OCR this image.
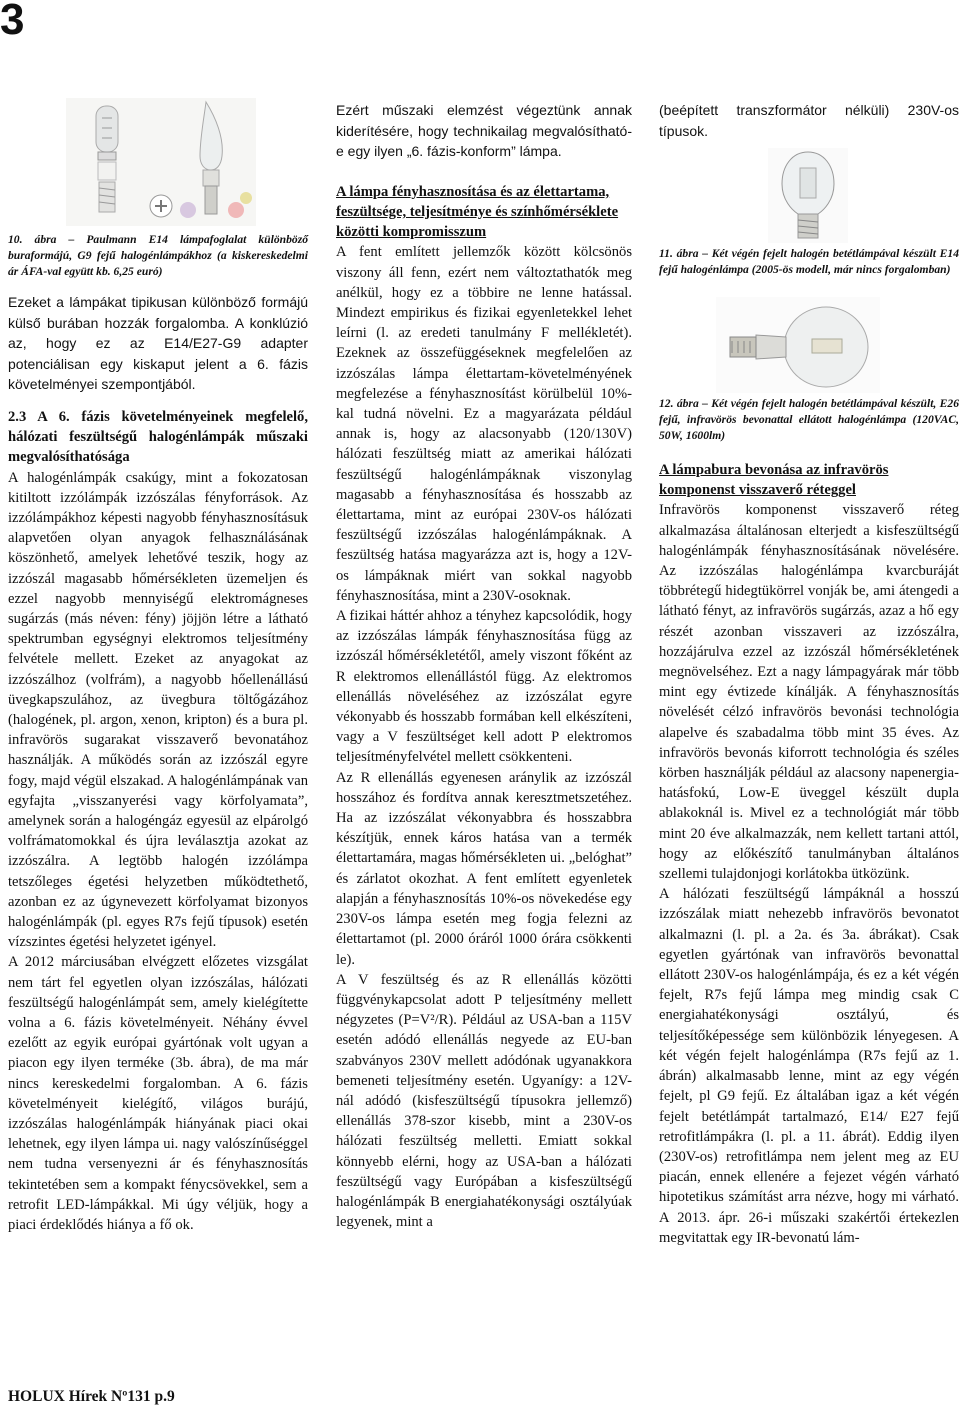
3

10. ábra – Paulmann E14 lámpafoglalat különböző buraformájú, G9 fejű halogénlámpákhoz (a kiskereskedelmi ár ÁFA-val együtt kb. 6,25 euró)

Ezeket a lámpákat tipikusan különböző formájú külső burában hozzák forgalomba. A konklúzió az, hogy ez az E14/E27-G9 adapter potenciálisan egy kiskaput jelent a 6. fázis követelményei szempontjából.

2.3 A 6. fázis követelményeinek megfelelő, hálózati feszültségű halogénlámpák műszaki megvalósíthatósága

A halogénlámpák csakúgy, mint a fokozatosan kitiltott izzólámpák izzószálas fényforrások. Az izzólámpákhoz képesti nagyobb fényhasznosításuk alapvetően olyan anyagok felhasználásának köszönhető, amelyek lehetővé teszik, hogy az izzószál magasabb hőmérsékleten üzemeljen és ezzel nagyobb mennyiségű elektromágneses sugárzás (más néven: fény) jöjjön létre a látható spektrumban egységnyi elektromos teljesítmény felvétele mellett. Ezeket az anyagokat az izzószálhoz (volfrám), a nagyobb hőellenállású üvegkapszulához, az üvegbura töltőgázához (halogének, pl. argon, xenon, kripton) és a bura pl. infravörös sugarakat visszaverő bevonatához használják. A működés során az izzószál egyre fogy, majd végül elszakad. A halogénlámpának van egyfajta „visszanyerési vagy körfolyamata”, amelynek során a halogéngáz egyesül az elpárolgó volfrámatomokkal és újra leválasztja azokat az izzószálra. A legtöbb halogén izzólámpa tetszőleges égetési helyzetben működtethető, azonban ez az úgynevezett körfolyamat bizonyos halogénlámpák (pl. egyes R7s fejű típusok) esetén vízszintes égetési helyzetet igényel.

A 2012 márciusában elvégzett előzetes vizsgálat nem tárt fel egyetlen olyan izzószálas, hálózati feszültségű halogénlámpát sem, amely kielégítette volna a 6. fázis követelményeit. Néhány évvel ezelőtt az egyik európai gyártónak volt ugyan a piacon egy ilyen terméke (3b. ábra), de ma már nincs kereskedelmi forgalomban. A 6. fázis követelményeit kielégítő, világos burájú, izzószálas halogénlámpák hiányának piaci okai lehetnek, egy ilyen lámpa ui. nagy valószínűséggel nem tudna versenyezni ár és fényhasznosítás tekintetében sem a kompakt fénycsövekkel, sem a retrofit LED-lámpákkal. Mi úgy véljük, hogy a piaci érdeklődés hiánya a fő ok.

Ezért műszaki elemzést végeztünk annak kiderítésére, hogy technikailag megvalósítható-e egy ilyen „6. fázis-konform” lámpa.

A lámpa fényhasznosítása és az élettartama, feszültsége, teljesítménye és színhőmérséklete közötti kompromisszum

A fent említett jellemzők között kölcsönös viszony áll fenn, ezért nem változtathatók meg anélkül, hogy ez a többire ne lenne hatással. Mindezt empirikus és fizikai egyenletekkel lehet leírni (l. az eredeti tanulmány F mellékletét). Ezeknek az összefüggéseknek megfelelően az izzószálas lámpa élettartam-követelményének megfelezése a fényhasznosítást körülbelül 10%-kal tudná növelni. Ez a magyarázata például annak is, hogy az alacsonyabb (120/130V) hálózati feszültség miatt az amerikai hálózati feszültségű halogénlámpáknak viszonylag magasabb a fényhasznosítása és hosszabb az élettartama, mint az európai 230V-os hálózati feszültségű izzószálas halogénlámpáknak. A feszültség hatása magyarázza azt is, hogy a 12V-os lámpáknak miért van sokkal nagyobb fényhasznosítása, mint a 230V-osoknak.

A fizikai háttér ahhoz a tényhez kapcsolódik, hogy az izzószálas lámpák fényhasznosítása függ az izzószál hőmérsékletétől, amely viszont főként az R elektromos ellenállástól függ. Az elektromos ellenállás növeléséhez az izzószálat egyre vékonyabb és hosszabb formában kell elkészíteni, vagy a V feszültséget kell adott P elektromos teljesítményfelvétel mellett csökkenteni.

Az R ellenállás egyenesen aránylik az izzószál hosszához és fordítva annak keresztmetszetéhez. Ha az izzószálat vékonyabbra és hosszabbra készítjük, ennek káros hatása van a termék élettartamára, magas hőmérsékleten ui. „belóghat” és zárlatot okozhat. A fent említett egyenletek alapján a fényhasznosítás 10%-os növekedése egy 230V-os lámpa esetén meg fogja felezni az élettartamot (pl. 2000 óráról 1000 órára csökkenti le).

A V feszültség és az R ellenállás közötti függvénykapcsolat adott P teljesítmény mellett négyzetes (P=V²/R). Például az USA-ban a 115V esetén adódó ellenállás negyede az EU-ban szabványos 230V mellett adódónak ugyanakkora bemeneti teljesítmény esetén. Ugyanígy: a 12V-nál adódó (kisfeszültségű típusokra jellemző) ellenállás 378-szor kisebb, mint a 230V-os hálózati feszültség melletti. Emiatt sokkal könnyebb elérni, hogy az USA-ban a hálózati feszültségű vagy Európában a kisfeszültségű halogénlámpák B energiahatékonysági osztályúak legyenek, mint a

(beépített transzformátor nélküli) 230V-os típusok.

11. ábra – Két végén fejelt halogén betétlámpával készült E14 fejű halogénlámpa (2005-ös modell, már nincs forgalomban)

12. ábra – Két végén fejelt halogén betétlámpával készült, E26 fejű, infravörös bevonattal ellátott halogénlámpa (120VAC, 50W, 1600lm)

A lámpabura bevonása az infravörös komponenst visszaverő réteggel

Infravörös komponenst visszaverő réteg alkalmazása általánosan elterjedt a kisfeszültségű halogénlámpák fényhasznosításának növelésére. Az izzószálas halogénlámpa kvarcburáját többrétegű hidegtükörrel vonják be, ami átengedi a látható fényt, az infravörös sugárzás, azaz a hő egy részét azonban visszaveri az izzószálra, hozzájárulva ezzel az izzószál hőmérsékletének megnövelséhez. Ezt a nagy lámpagyárak már több mint egy évtizede kínálják. A fényhasznosítás növelését célzó infravörös bevonási technológia alapelve és szabadalma több mint 35 éves. Az infravörös bevonás kiforrott technológia és széles körben használják például az alacsony napenergia-hatásfokú, Low-E üveggel készült dupla ablakoknál is. Mivel ez a technológiát már több mint 20 éve alkalmazzák, nem kellett tartani attól, hogy az előkészítő tanulmányban általános szellemi tulajdonjogi korlátokba ütközünk.

A hálózati feszültségű lámpáknál a hosszú izzószálak miatt nehezebb infravörös bevonatot alkalmazni (l. pl. a 2a. és 3a. ábrákat). Csak egyetlen gyártónak van infravörös bevonattal ellátott 230V-os halogénlámpája, és ez a két végén fejelt, R7s fejű lámpa meg mindig csak C energiahatékonysági osztályú, és teljesítőképessége sem különbözik lényegesen. A két végén fejelt halogénlámpa (R7s fejű az 1. ábrán) alkalmasabb lenne, mint az egy végén fejelt, pl G9 fejű. Ez általában igaz a két végén fejelt betétlámpát tartalmazó, E14/ E27 fejű retrofitlámpákra (l. pl. a 11. ábrát). Eddig ilyen (230V-os) retrofitlámpa nem jelent meg az EU piacán, ennek ellenére a fejezet végén várható hipotetikus számítást arra nézve, hogy mi várható. A 2013. ápr. 26-i műszaki szakértői értekezlen megvitattak egy IR-bevonatú lám-

HOLUX Hírek Nº131 p.9
